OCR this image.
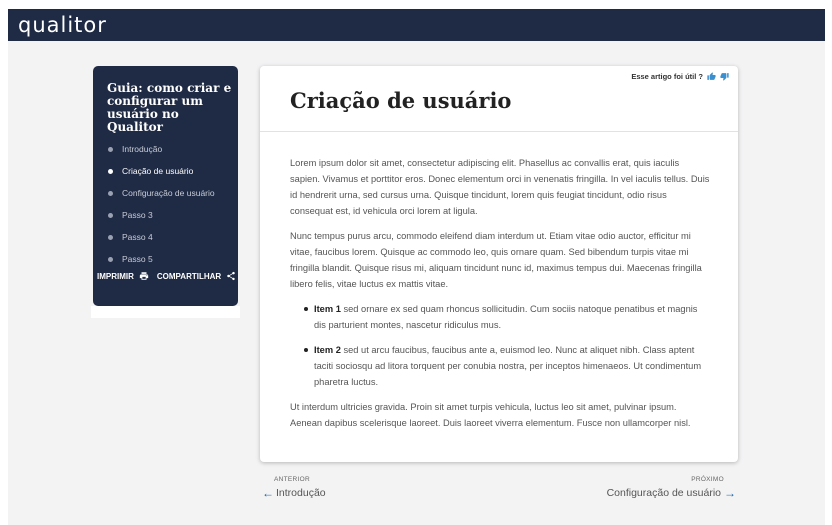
qualitor
Guia: como criar e configurar um usuário no Qualitor
Introdução
Criação de usuário
Configuração de usuário
Passo 3
Passo 4
Passo 5
IMPRIMIR	COMPARTILHAR
Esse artigo foi útil ?
Criação de usuário

Lorem ipsum dolor sit amet, consectetur adipiscing elit. Phasellus ac convallis erat, quis iaculis sapien. Vivamus et porttitor eros. Donec elementum orci in venenatis fringilla. In vel iaculis tellus. Duis id hendrerit urna, sed cursus urna. Quisque tincidunt, lorem quis feugiat tincidunt, odio risus consequat est, id vehicula orci lorem at ligula.

Nunc tempus purus arcu, commodo eleifend diam interdum ut. Etiam vitae odio auctor, efficitur mi vitae, faucibus lorem. Quisque ac commodo leo, quis ornare quam. Sed bibendum turpis vitae mi fringilla blandit. Quisque risus mi, aliquam tincidunt nunc id, maximus tempus dui. Maecenas fringilla libero felis, vitae luctus ex mattis vitae.

Item 1 sed ornare ex sed quam rhoncus sollicitudin. Cum sociis natoque penatibus et magnis dis parturient montes, nascetur ridiculus mus.
Item 2 sed ut arcu faucibus, faucibus ante a, euismod leo. Nunc at aliquet nibh. Class aptent taciti sociosqu ad litora torquent per conubia nostra, per inceptos himenaeos. Ut condimentum pharetra luctus.

Ut interdum ultricies gravida. Proin sit amet turpis vehicula, luctus leo sit amet, pulvinar ipsum. Aenean dapibus scelerisque laoreet. Duis laoreet viverra elementum. Fusce non ullamcorper nisl.

ANTERIOR
← Introdução
PRÓXIMO
Configuração de usuário →
